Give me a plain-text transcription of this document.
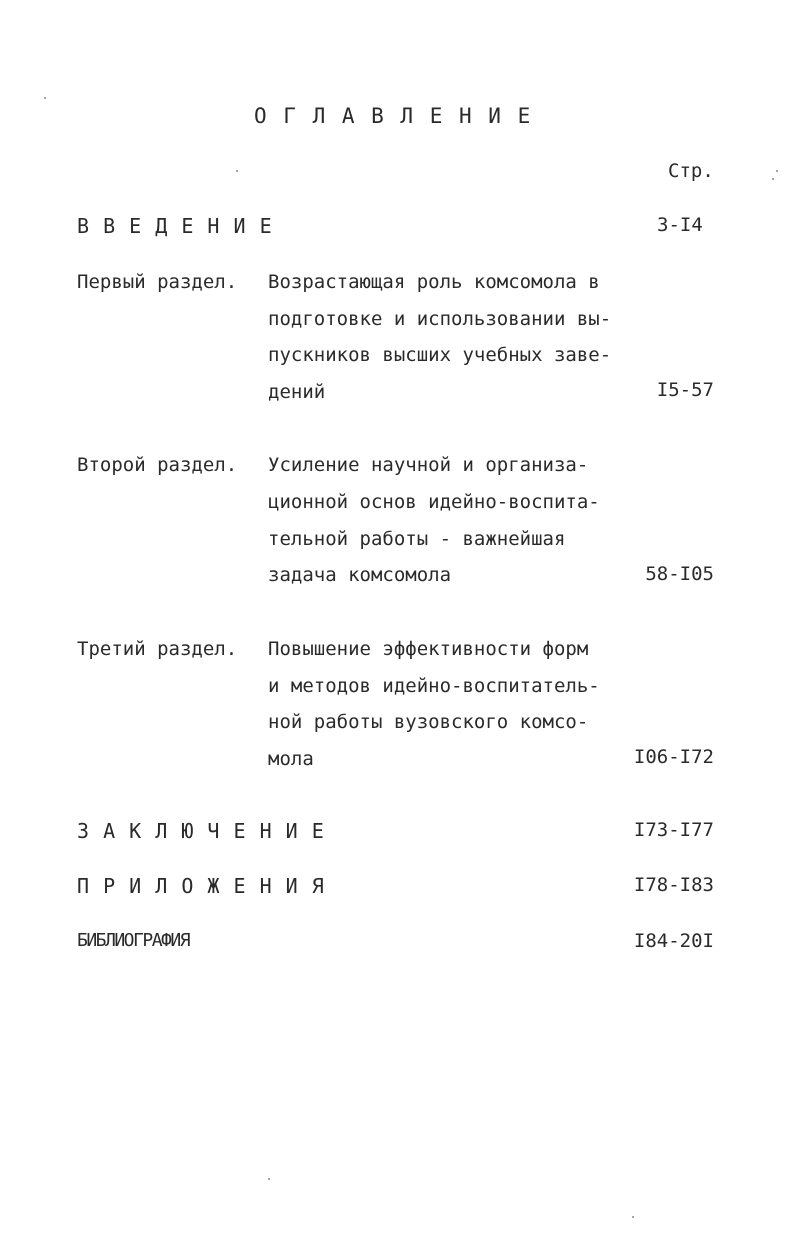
О Г Л А В Л Е Н И Е
Стр.
В В Е Д Е Н И Е	3-I4
Первый раздел. Возрастающая роль комсомола в
подготовке и использовании вы-
пускников высших учебных заве-
дений	I5-57
Второй раздел. Усиление научной и организа-
ционной основ идейно-воспита-
тельной работы - важнейшая
задача комсомола	58-I05
Третий раздел. Повышение эффективности форм
и методов идейно-воспитатель-
ной работы вузовского комсо-
мола	I06-I72
З А К Л Ю Ч Е Н И Е	I73-I77
П Р И Л О Ж Е Н И Я	I78-I83
БИБЛИОГРАФИЯ	I84-20I
